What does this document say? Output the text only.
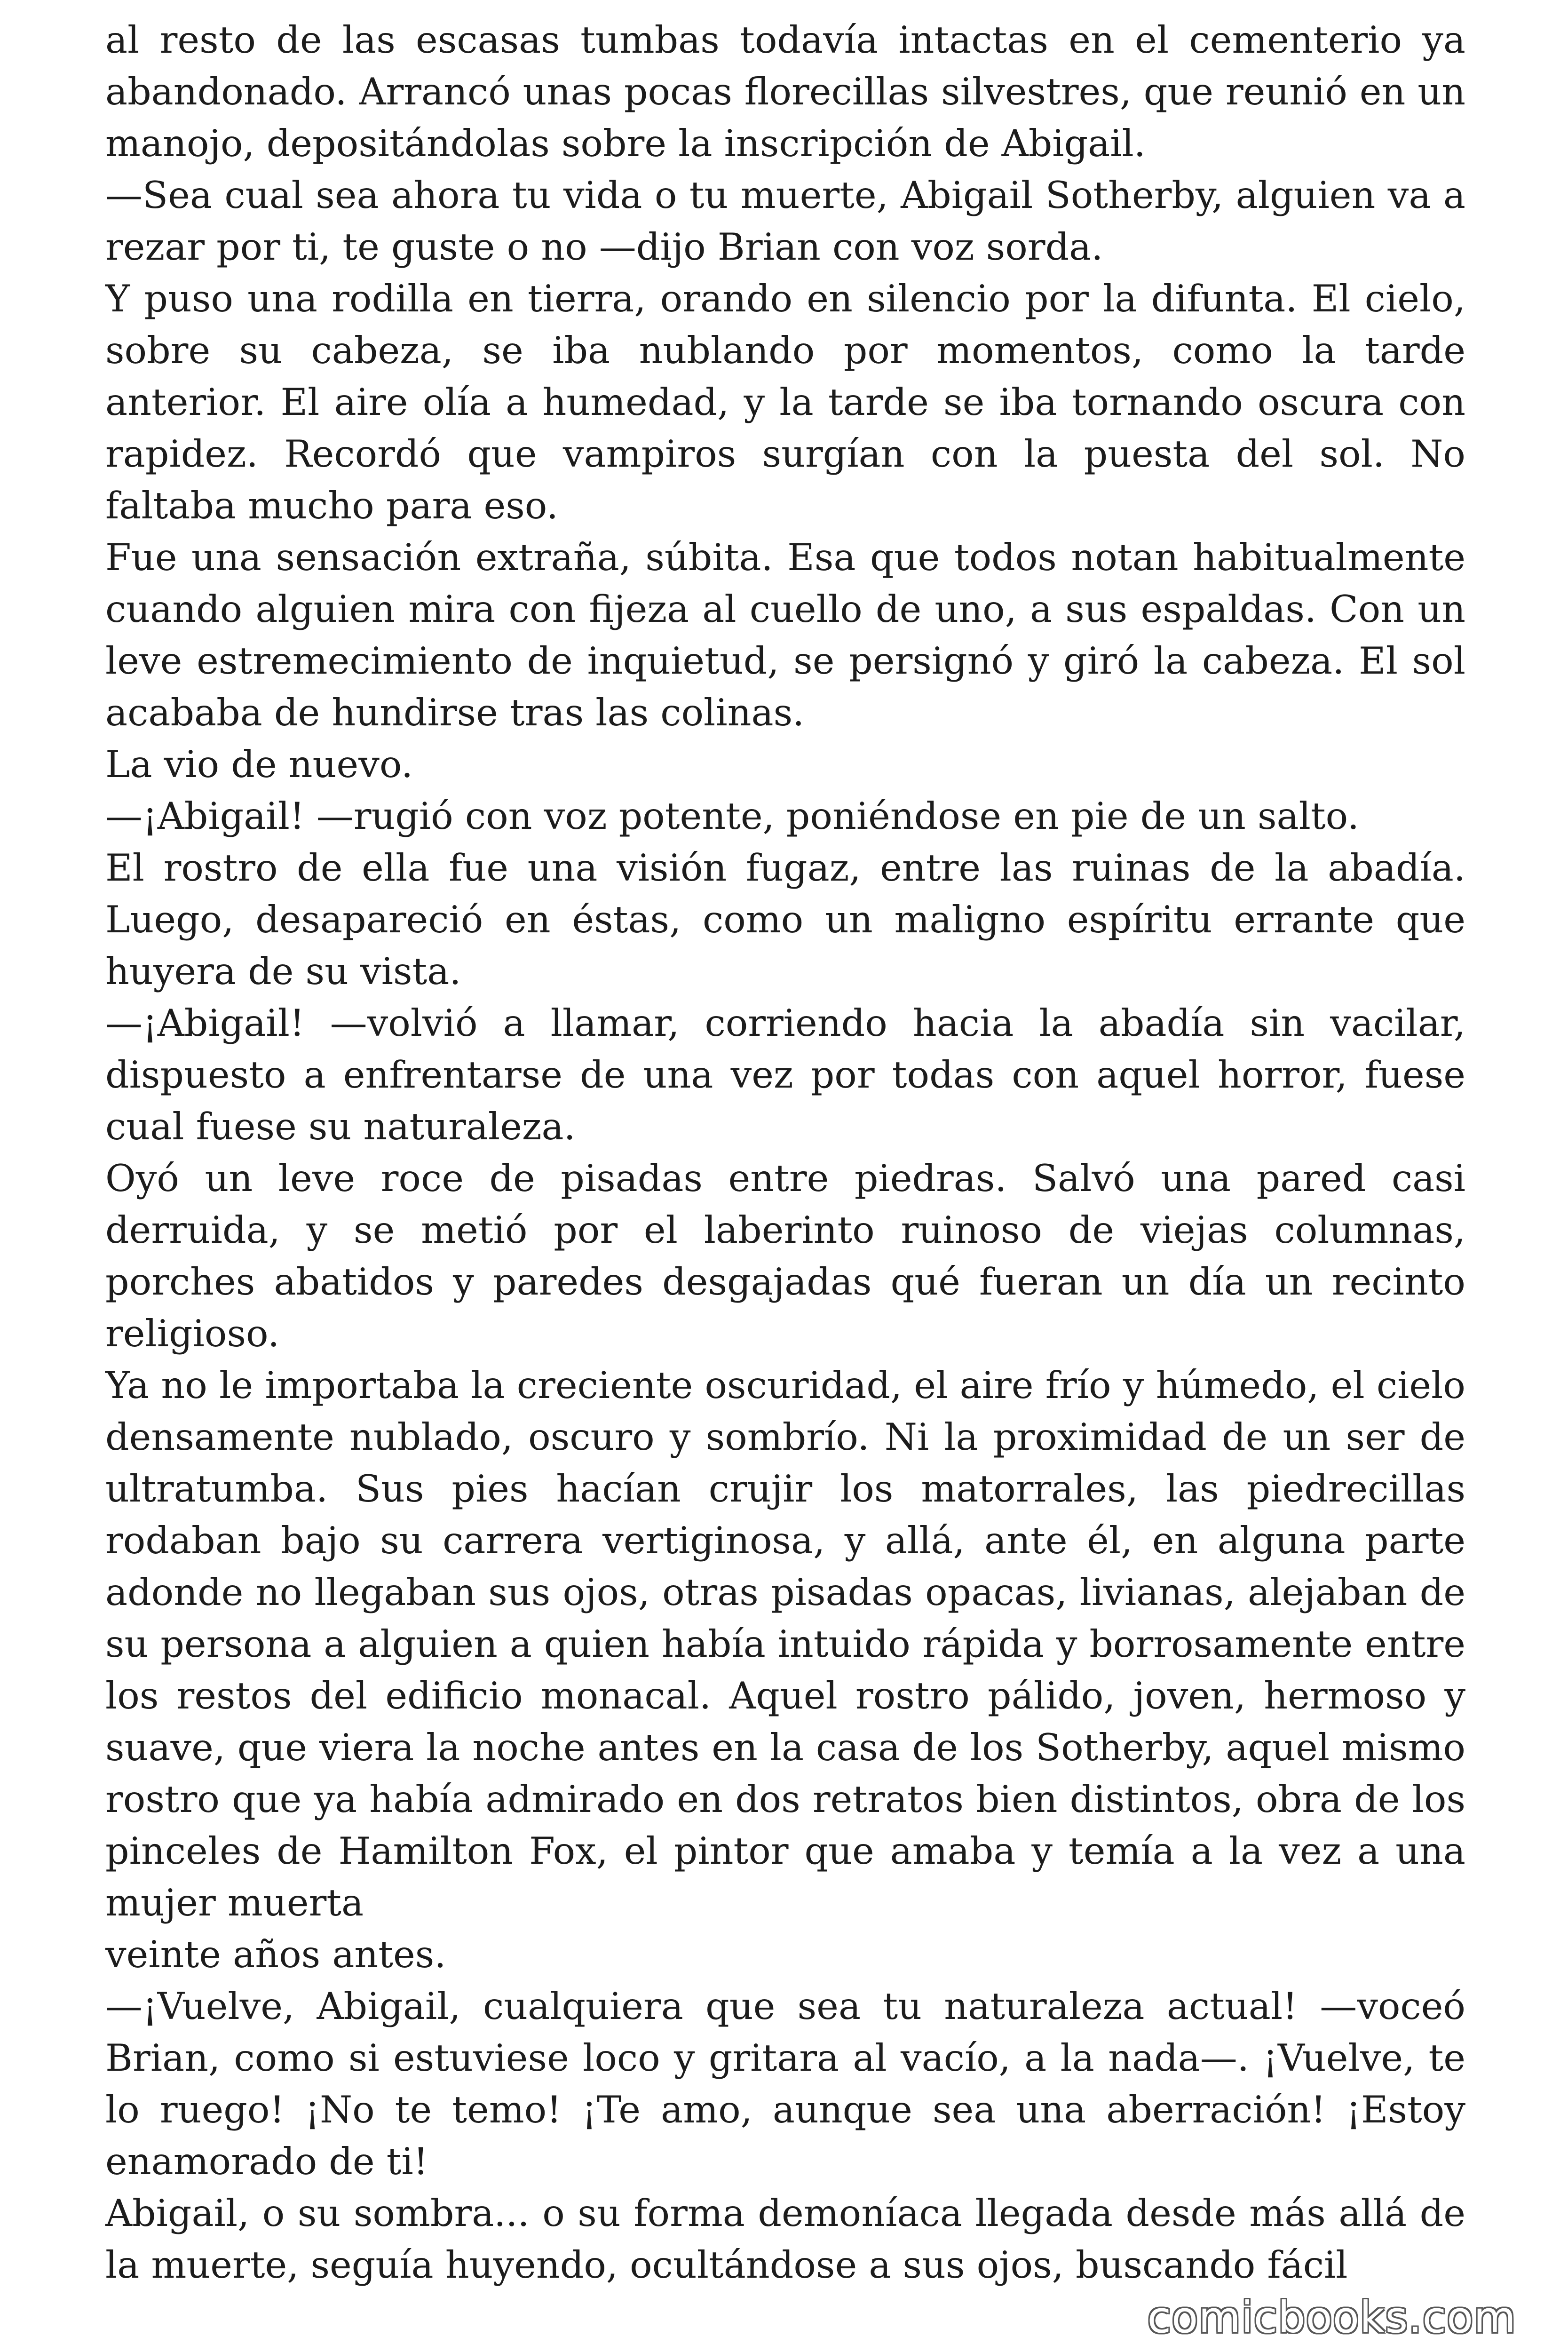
al resto de las escasas tumbas todavía intactas en el cementerio ya abandonado. Arrancó unas pocas florecillas silvestres, que reunió en un manojo, depositándolas sobre la inscripción de Abigail.

—Sea cual sea ahora tu vida o tu muerte, Abigail Sotherby, alguien va a rezar por ti, te guste o no —dijo Brian con voz sorda.

Y puso una rodilla en tierra, orando en silencio por la difunta. El cielo, sobre su cabeza, se iba nublando por momentos, como la tarde anterior. El aire olía a humedad, y la tarde se iba tornando oscura con rapidez. Recordó que vampiros surgían con la puesta del sol. No faltaba mucho para eso.

Fue una sensación extraña, súbita. Esa que todos notan habitualmente cuando alguien mira con fijeza al cuello de uno, a sus espaldas. Con un leve estremecimiento de inquietud, se persignó y giró la cabeza. El sol acababa de hundirse tras las colinas.

La vio de nuevo.

—¡Abigail! —rugió con voz potente, poniéndose en pie de un salto.

El rostro de ella fue una visión fugaz, entre las ruinas de la abadía. Luego, desapareció en éstas, como un maligno espíritu errante que huyera de su vista.

—¡Abigail! —volvió a llamar, corriendo hacia la abadía sin vacilar, dispuesto a enfrentarse de una vez por todas con aquel horror, fuese cual fuese su naturaleza.

Oyó un leve roce de pisadas entre piedras. Salvó una pared casi derruida, y se metió por el laberinto ruinoso de viejas columnas, porches abatidos y paredes desgajadas qué fueran un día un recinto religioso.

Ya no le importaba la creciente oscuridad, el aire frío y húmedo, el cielo densamente nublado, oscuro y sombrío. Ni la proximidad de un ser de ultratumba. Sus pies hacían crujir los matorrales, las piedrecillas rodaban bajo su carrera vertiginosa, y allá, ante él, en alguna parte adonde no llegaban sus ojos, otras pisadas opacas, livianas, alejaban de su persona a alguien a quien había intuido rápida y borrosamente entre los restos del edificio monacal. Aquel rostro pálido, joven, hermoso y suave, que viera la noche antes en la casa de los Sotherby, aquel mismo rostro que ya había admirado en dos retratos bien distintos, obra de los pinceles de Hamilton Fox, el pintor que amaba y temía a la vez a una mujer muerta

veinte años antes.

—¡Vuelve, Abigail, cualquiera que sea tu naturaleza actual! —voceó Brian, como si estuviese loco y gritara al vacío, a la nada—. ¡Vuelve, te lo ruego! ¡No te temo! ¡Te amo, aunque sea una aberración! ¡Estoy enamorado de ti!

Abigail, o su sombra... o su forma demoníaca llegada desde más allá de la muerte, seguía huyendo, ocultándose a sus ojos, buscando fácil

comicbooks.com
